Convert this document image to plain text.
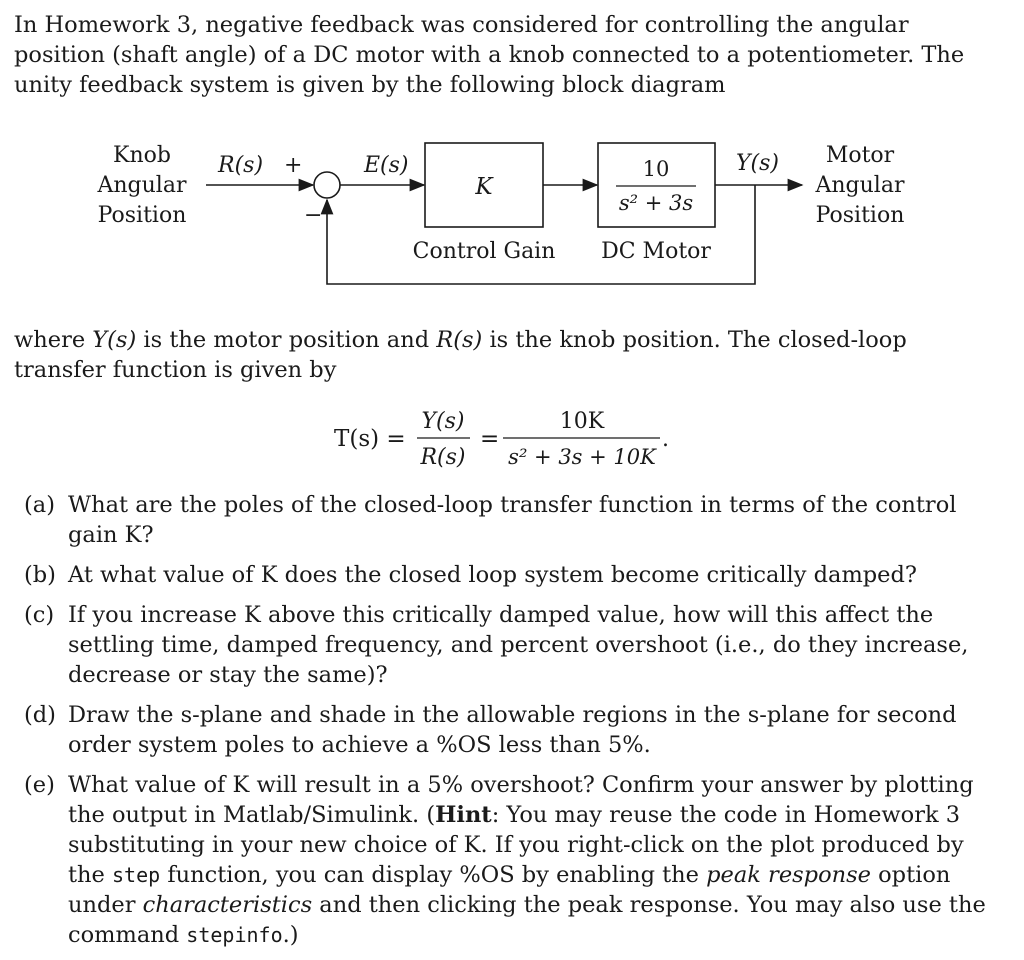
In Homework 3, negative feedback was considered for controlling the angular position (shaft angle) of a DC motor with a knob connected to a potentiometer. The unity feedback system is given by the following block diagram

Knob
Angular
Position
R(s) +
−
E(s)
K
Control Gain
10
s² + 3s
DC Motor
Y(s) Motor
Angular
Position

where Y(s) is the motor position and R(s) is the knob position. The closed-loop transfer function is given by

T(s) =
Y(s)
R(s)
=
10K
s² + 3s + 10K
.
(a) What are the poles of the closed-loop transfer function in terms of the control gain K?
(b) At what value of K does the closed loop system become critically damped?
(c) If you increase K above this critically damped value, how will this affect the settling time, damped frequency, and percent overshoot (i.e., do they increase, decrease or stay the same)?
(d) Draw the s-plane and shade in the allowable regions in the s-plane for second order system poles to achieve a %OS less than 5%.
(e) What value of K will result in a 5% overshoot? Confirm your answer by plotting the output in Matlab/Simulink. (Hint: You may reuse the code in Homework 3 substituting in your new choice of K. If you right-click on the plot produced by the step function, you can display %OS by enabling the peak response option under characteristics and then clicking the peak response. You may also use the command stepinfo.)
